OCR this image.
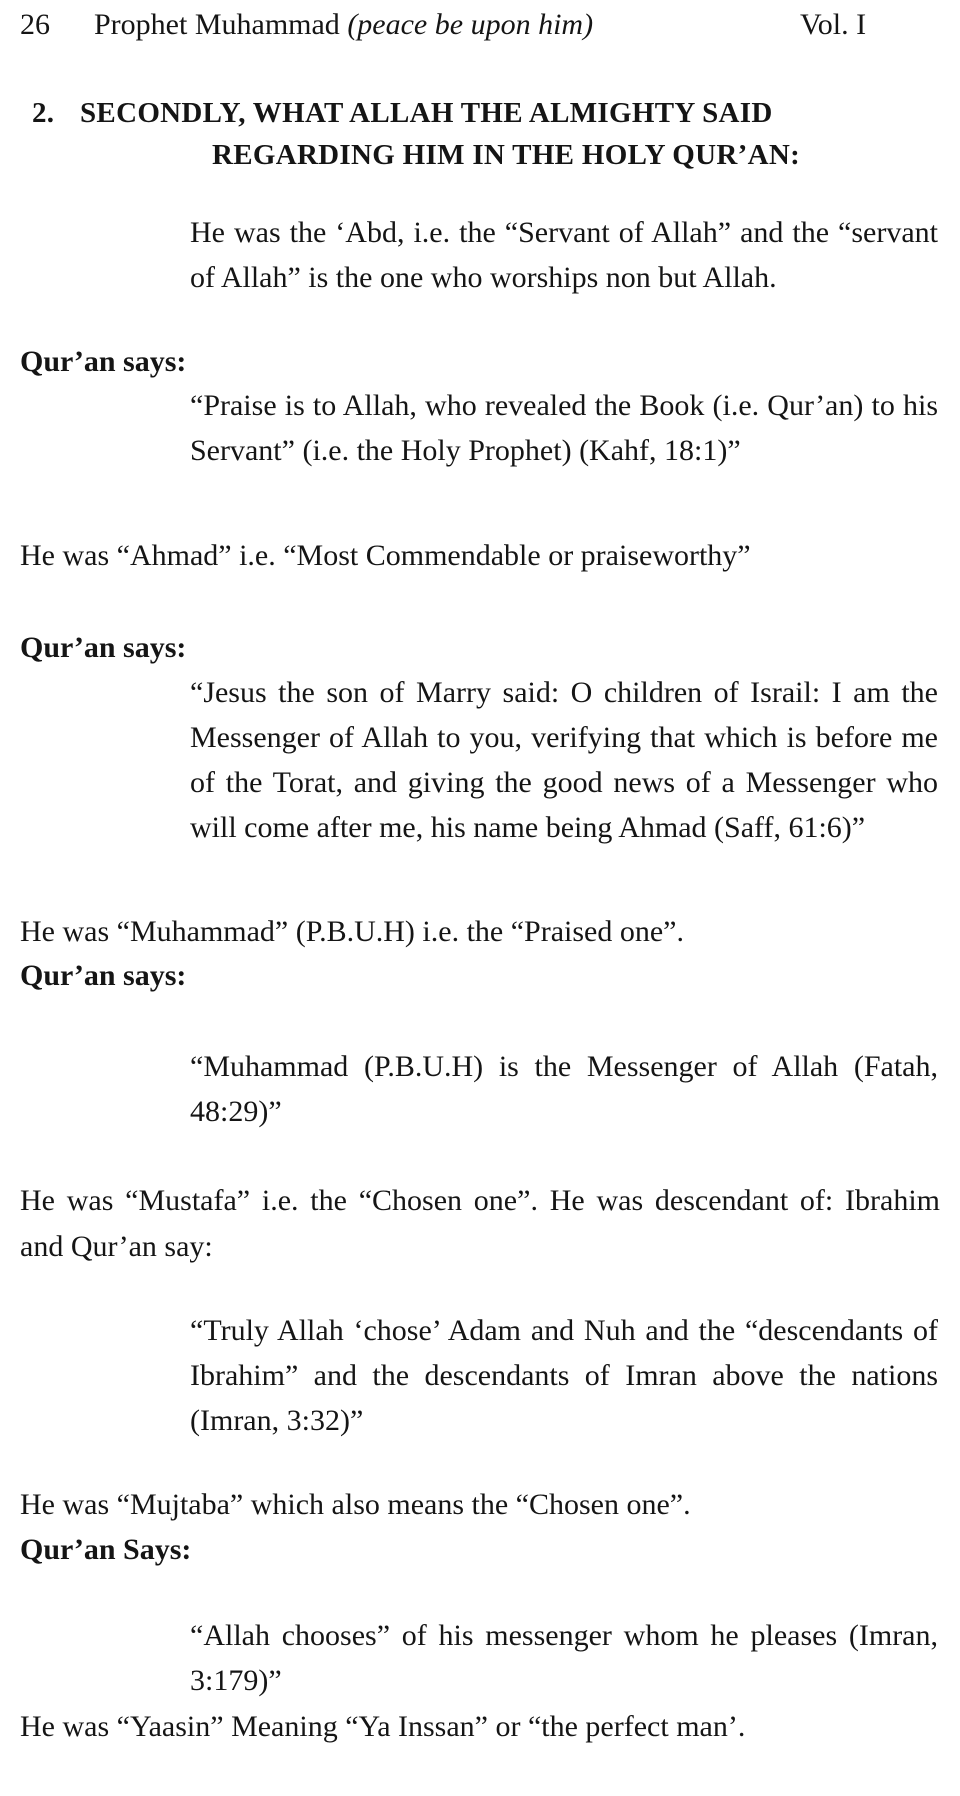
26 Prophet Muhammad (peace be upon him)	Vol. I
2. SECONDLY, WHAT ALLAH THE ALMIGHTY SAID
REGARDING HIM IN THE HOLY QUR’AN:

He was the ‘Abd, i.e. the “Servant of Allah” and the “servant of Allah” is the one who worships non but Allah.

Qur’an says:

“Praise is to Allah, who revealed the Book (i.e. Qur’an) to his Servant” (i.e. the Holy Prophet) (Kahf, 18:1)”

He was “Ahmad” i.e. “Most Commendable or praiseworthy”

Qur’an says:

“Jesus the son of Marry said: O children of Israil: I am the Messenger of Allah to you, verifying that which is before me of the Torat, and giving the good news of a Messenger who will come after me, his name being Ahmad (Saff, 61:6)”

He was “Muhammad” (P.B.U.H) i.e. the “Praised one”.

Qur’an says:

“Muhammad (P.B.U.H) is the Messenger of Allah (Fatah, 48:29)”

He was “Mustafa” i.e. the “Chosen one”. He was descendant of: Ibrahim and Qur’an say:

“Truly Allah ‘chose’ Adam and Nuh and the “descendants of Ibrahim” and the descendants of Imran above the nations (Imran, 3:32)”

He was “Mujtaba” which also means the “Chosen one”.

Qur’an Says:

“Allah chooses” of his messenger whom he pleases (Imran, 3:179)”

He was “Yaasin” Meaning “Ya Inssan” or “the perfect man’.
